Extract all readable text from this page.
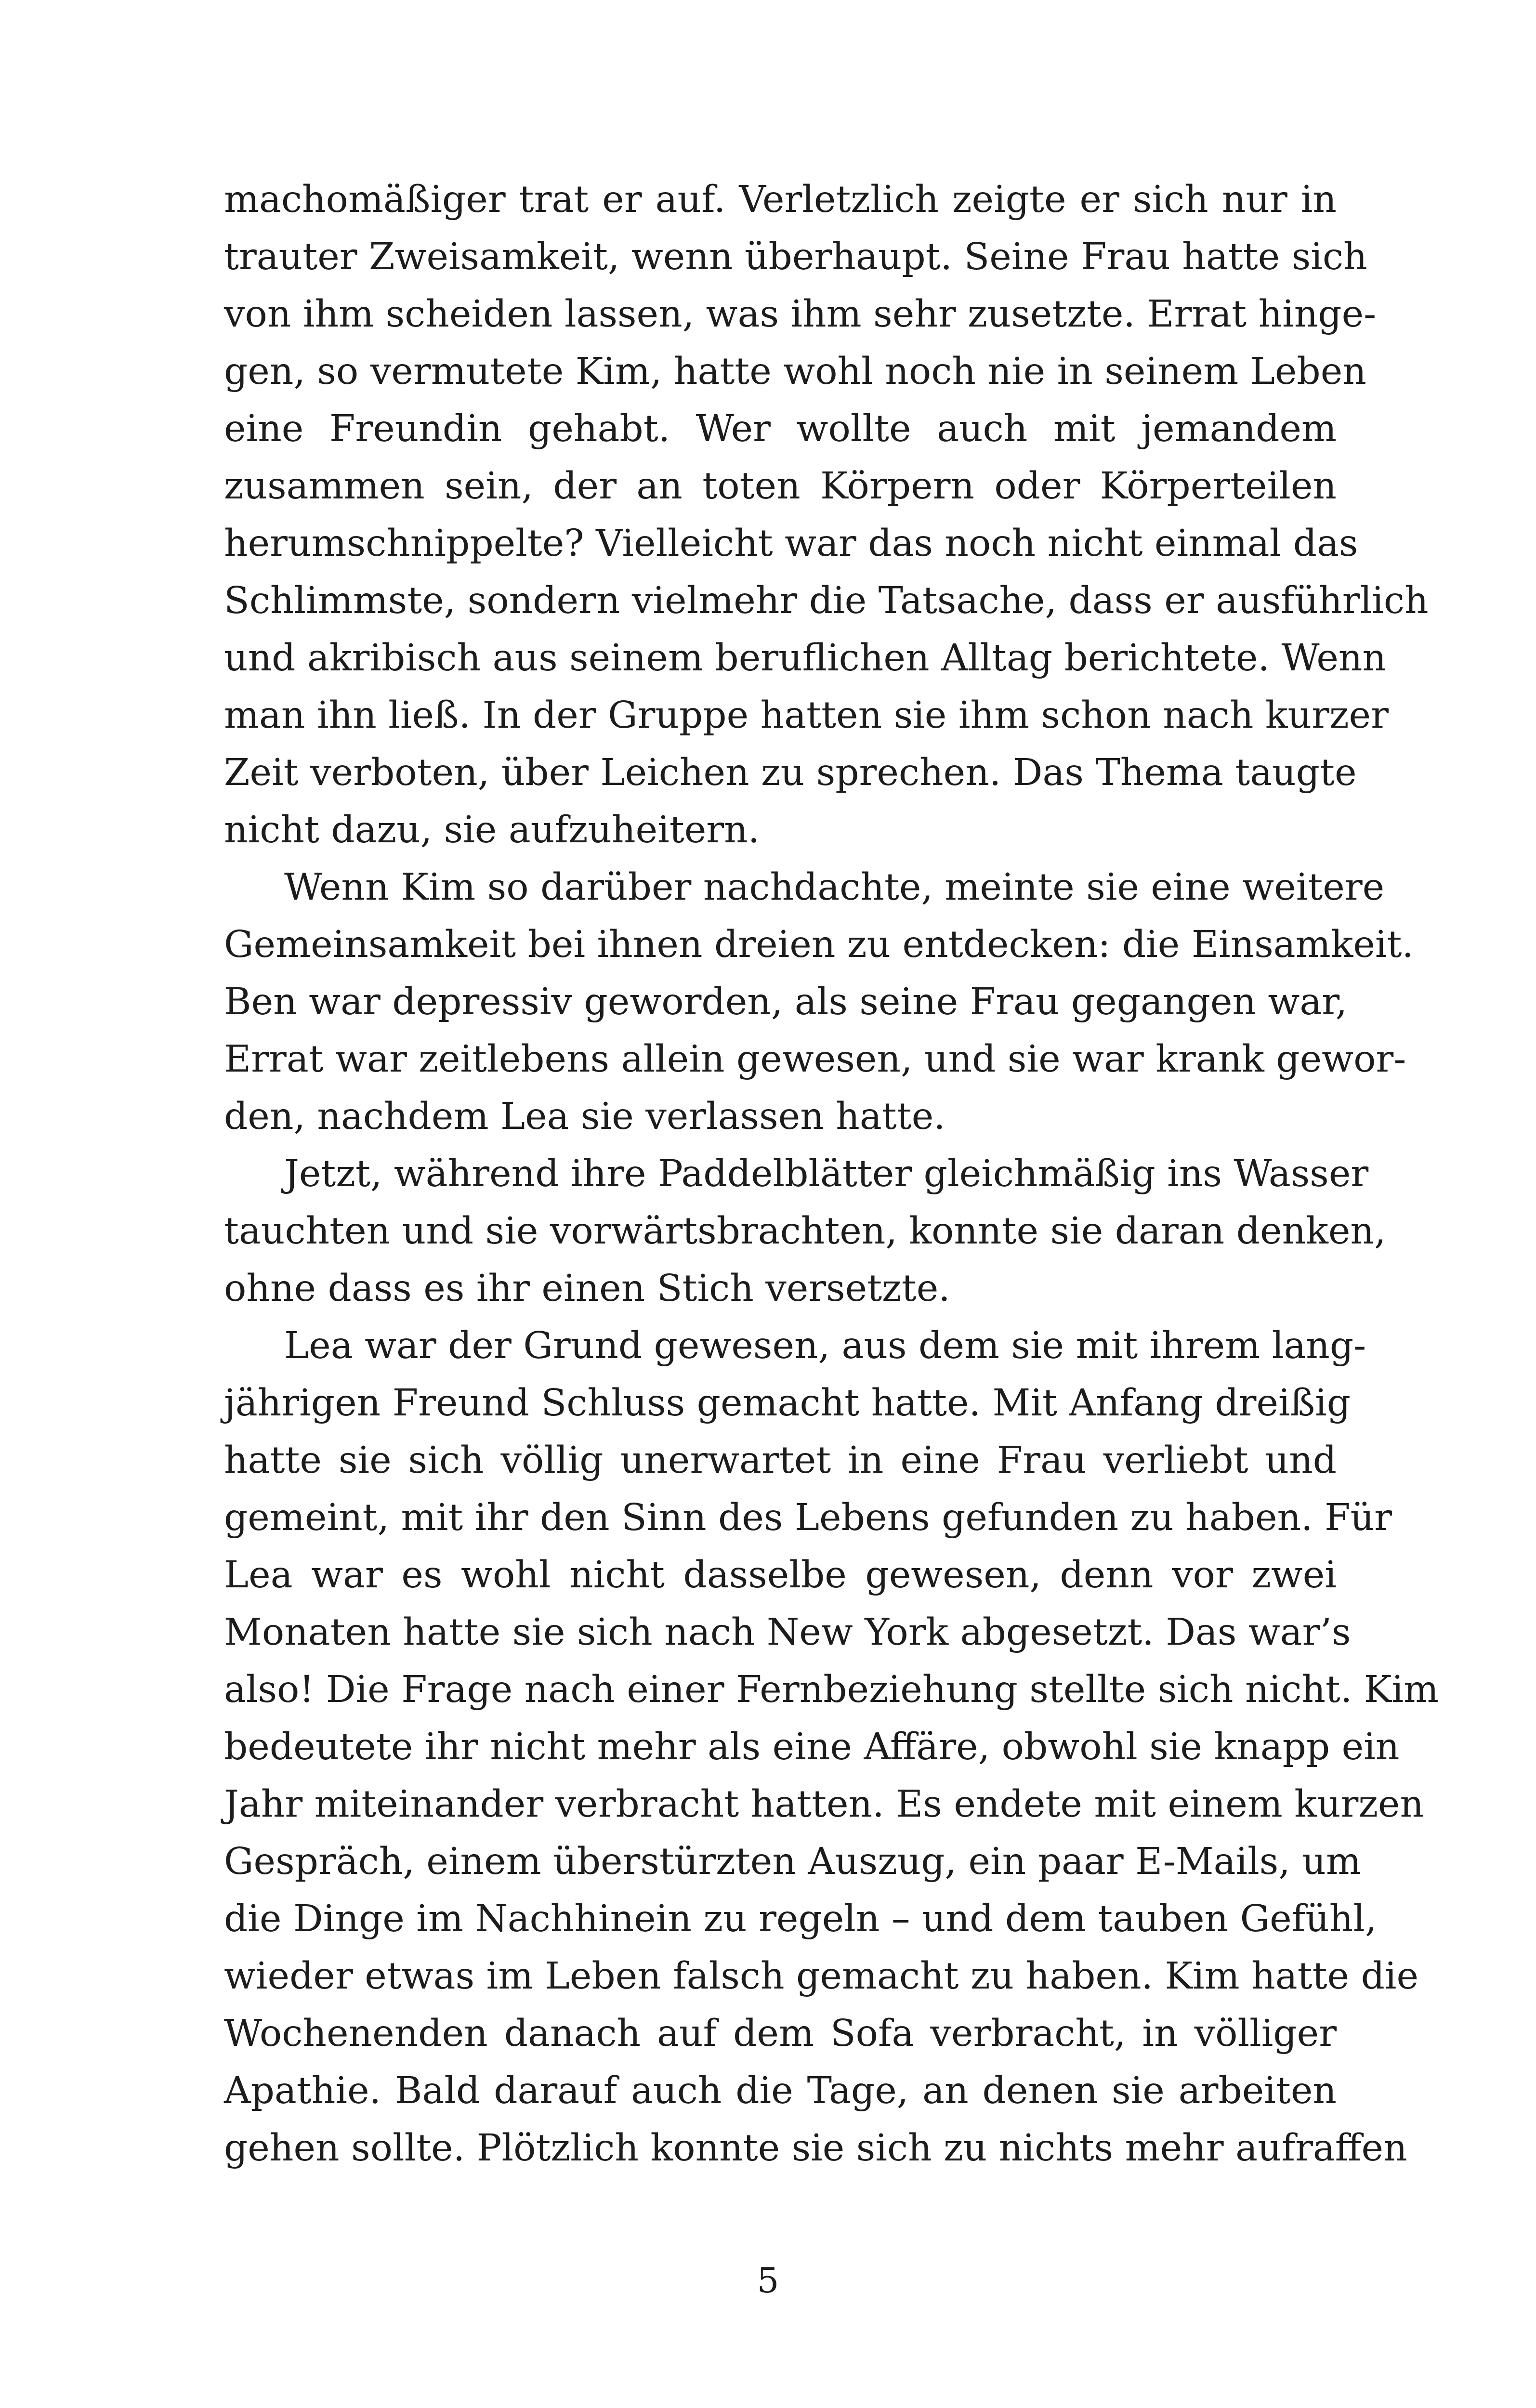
machomäßiger trat er auf. Verletzlich zeigte er sich nur in
trauter Zweisamkeit, wenn überhaupt. Seine Frau hatte sich
von ihm scheiden lassen, was ihm sehr zusetzte. Errat hinge-
gen, so vermutete Kim, hatte wohl noch nie in seinem Leben
eine Freundin gehabt. Wer wollte auch mit jemandem
zusammen sein, der an toten Körpern oder Körperteilen
herumschnippelte? Vielleicht war das noch nicht einmal das
Schlimmste, sondern vielmehr die Tatsache, dass er ausführlich
und akribisch aus seinem beruflichen Alltag berichtete. Wenn
man ihn ließ. In der Gruppe hatten sie ihm schon nach kurzer
Zeit verboten, über Leichen zu sprechen. Das Thema taugte
nicht dazu, sie aufzuheitern.
Wenn Kim so darüber nachdachte, meinte sie eine weitere
Gemeinsamkeit bei ihnen dreien zu entdecken: die Einsamkeit.
Ben war depressiv geworden, als seine Frau gegangen war,
Errat war zeitlebens allein gewesen, und sie war krank gewor-
den, nachdem Lea sie verlassen hatte.
Jetzt, während ihre Paddelblätter gleichmäßig ins Wasser
tauchten und sie vorwärtsbrachten, konnte sie daran denken,
ohne dass es ihr einen Stich versetzte.
Lea war der Grund gewesen, aus dem sie mit ihrem lang-
jährigen Freund Schluss gemacht hatte. Mit Anfang dreißig
hatte sie sich völlig unerwartet in eine Frau verliebt und
gemeint, mit ihr den Sinn des Lebens gefunden zu haben. Für
Lea war es wohl nicht dasselbe gewesen, denn vor zwei
Monaten hatte sie sich nach New York abgesetzt. Das war’s
also! Die Frage nach einer Fernbeziehung stellte sich nicht. Kim
bedeutete ihr nicht mehr als eine Affäre, obwohl sie knapp ein
Jahr miteinander verbracht hatten. Es endete mit einem kurzen
Gespräch, einem überstürzten Auszug, ein paar E-Mails, um
die Dinge im Nachhinein zu regeln – und dem tauben Gefühl,
wieder etwas im Leben falsch gemacht zu haben. Kim hatte die
Wochenenden danach auf dem Sofa verbracht, in völliger
Apathie. Bald darauf auch die Tage, an denen sie arbeiten
gehen sollte. Plötzlich konnte sie sich zu nichts mehr aufraffen
5
